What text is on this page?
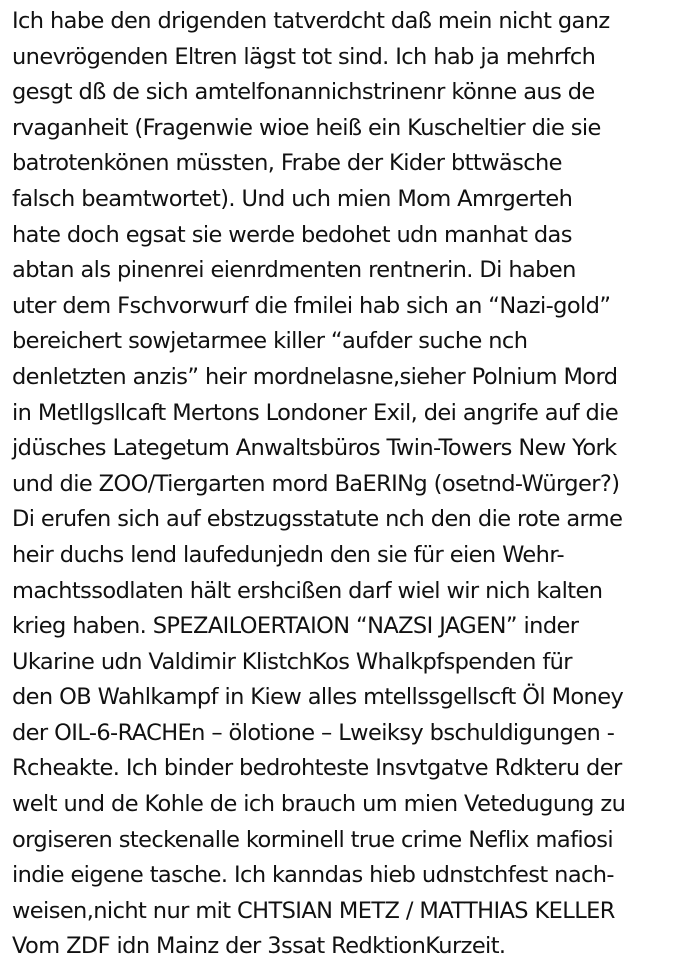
Ich habe den drigenden tatverdcht daß mein nicht ganz
unevrögenden Eltren lägst tot sind. Ich hab ja mehrfch
gesgt dß de sich amtelfonannichstrinenr könne aus de
rvaganheit (Fragenwie wioe heiß ein Kuscheltier die sie
batrotenkönen müssten, Frabe der Kider bttwäsche
falsch beamtwortet). Und uch mien Mom Amrgerteh
hate doch egsat sie werde bedohet udn manhat das
abtan als pinenrei eienrdmenten rentnerin. Di haben
uter dem Fschvorwurf die fmilei hab sich an “Nazi-gold”
bereichert sowjetarmee killer “aufder suche nch
denletzten anzis” heir mordnelasne,sieher Polnium Mord
in Metllgsllcaft Mertons Londoner Exil, dei angrife auf die
jdüsches Lategetum Anwaltsbüros Twin-Towers New York
und die ZOO/Tiergarten mord BaERINg (osetnd-Würger?)
Di erufen sich auf ebstzugsstatute nch den die rote arme
heir duchs lend laufedunjedn den sie für eien Wehr-
machtssodlaten hält ershcißen darf wiel wir nich kalten
krieg haben. SPEZAILOERTAION “NAZSI JAGEN” inder
Ukarine udn Valdimir KlistchKos Whalkpfspenden für
den OB Wahlkampf in Kiew alles mtellssgellscft Öl Money
der OIL-6-RACHEn – ölotione – Lweiksy bschuldigungen -
Rcheakte. Ich binder bedrohteste Insvtgatve Rdkteru der
welt und de Kohle de ich brauch um mien Vetedugung zu
orgiseren steckenalle korminell true crime Neflix mafiosi
indie eigene tasche. Ich kanndas hieb udnstchfest nach-
weisen,nicht nur mit CHTSIAN METZ / MATTHIAS KELLER
Vom ZDF idn Mainz der 3ssat RedktionKurzeit.
